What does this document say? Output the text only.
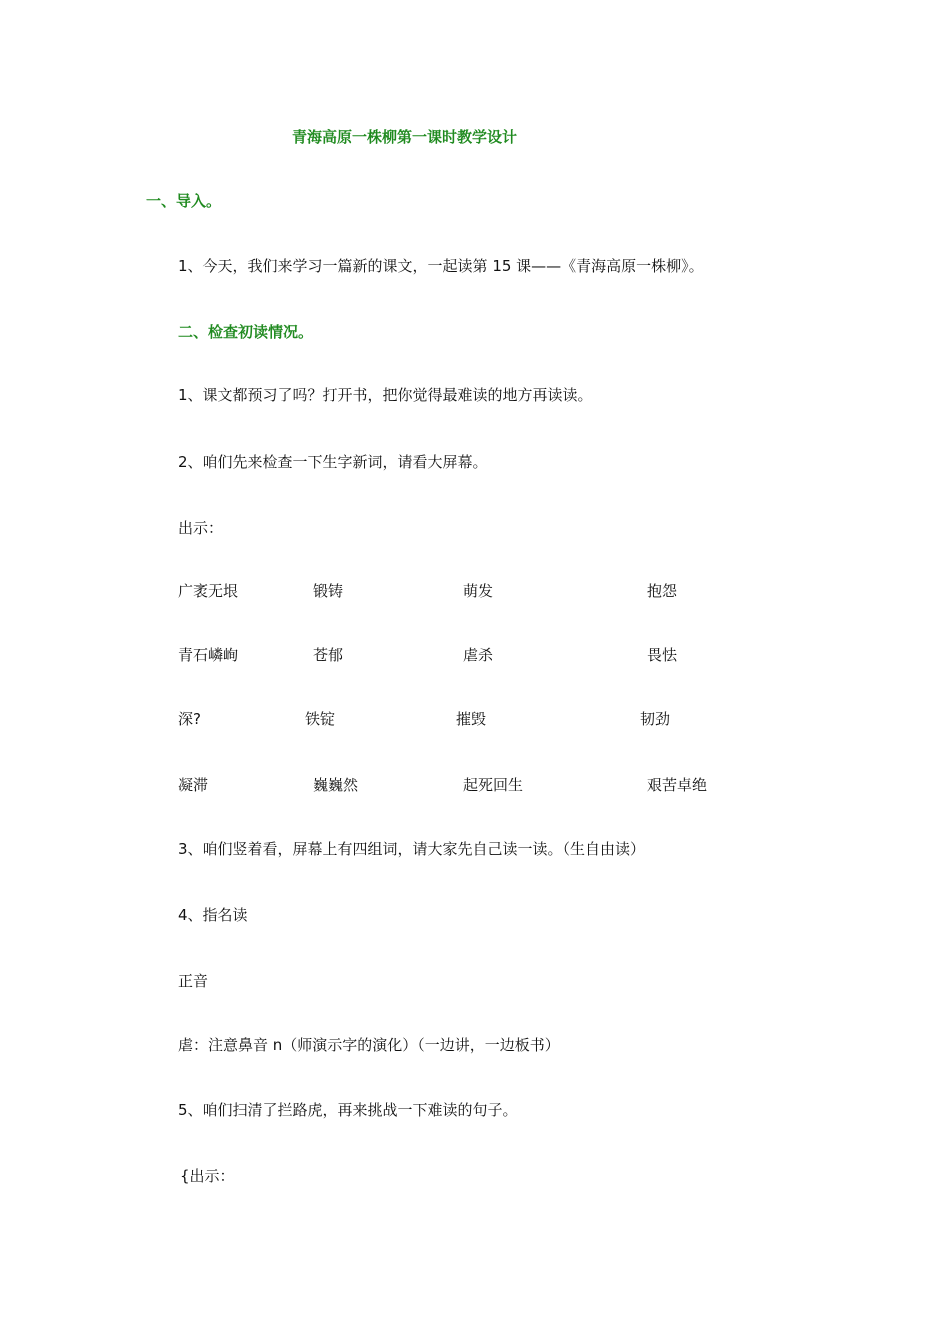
青海高原一株柳第一课时教学设计
一、导入。
1、今天，我们来学习一篇新的课文，一起读第 15 课——《青海高原一株柳》。
二、检查初读情况。
1、课文都预习了吗？打开书，把你觉得最难读的地方再读读。
2、咱们先来检查一下生字新词，请看大屏幕。
出示：
广袤无垠	锻铸	萌发	抱怨
青石嶙峋	苍郁	虐杀	畏怯
深?	铁锭	摧毁	韧劲
凝滞	巍巍然	起死回生	艰苦卓绝
3、咱们竖着看，屏幕上有四组词，请大家先自己读一读。（生自由读）
4、指名读
正音
虐：注意鼻音 n（师演示字的演化）（一边讲，一边板书）
5、咱们扫清了拦路虎，再来挑战一下难读的句子。
{出示：
